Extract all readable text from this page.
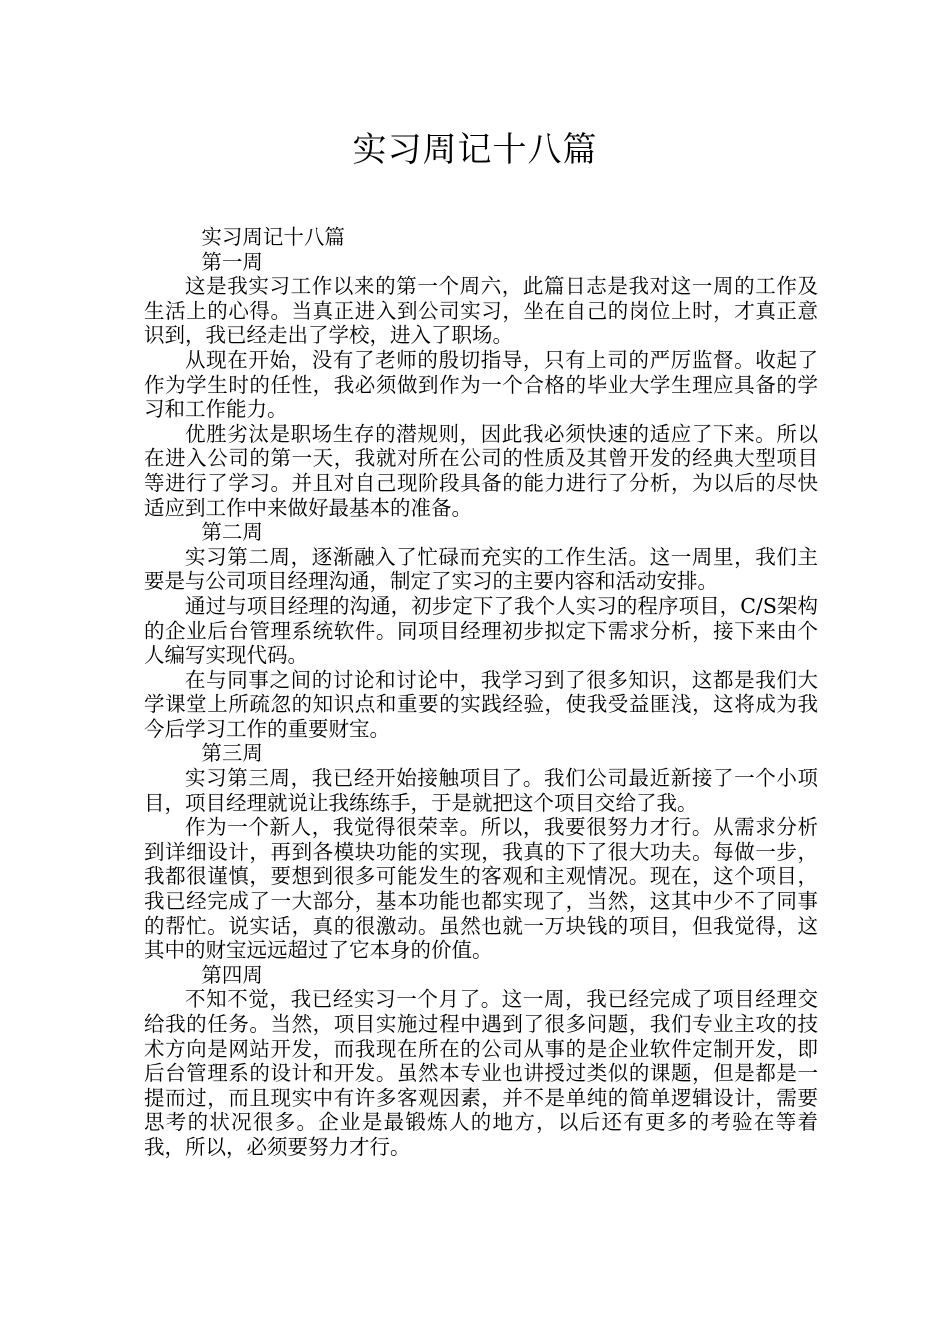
实习周记十八篇

实习周记十八篇

第一周

这是我实习工作以来的第一个周六，此篇日志是我对这一周的工作及生活上的心得。当真正进入到公司实习，坐在自己的岗位上时，才真正意识到，我已经走出了学校，进入了职场。

从现在开始，没有了老师的殷切指导，只有上司的严厉监督。收起了作为学生时的任性，我必须做到作为一个合格的毕业大学生理应具备的学习和工作能力。

优胜劣汰是职场生存的潜规则，因此我必须快速的适应了下来。所以在进入公司的第一天，我就对所在公司的性质及其曾开发的经典大型项目等进行了学习。并且对自己现阶段具备的能力进行了分析，为以后的尽快适应到工作中来做好最基本的准备。

第二周

实习第二周，逐渐融入了忙碌而充实的工作生活。这一周里，我们主要是与公司项目经理沟通，制定了实习的主要内容和活动安排。

通过与项目经理的沟通，初步定下了我个人实习的程序项目，C/S架构的企业后台管理系统软件。同项目经理初步拟定下需求分析，接下来由个人编写实现代码。

在与同事之间的讨论和讨论中，我学习到了很多知识，这都是我们大学课堂上所疏忽的知识点和重要的实践经验，使我受益匪浅，这将成为我今后学习工作的重要财宝。

第三周

实习第三周，我已经开始接触项目了。我们公司最近新接了一个小项目，项目经理就说让我练练手，于是就把这个项目交给了我。

作为一个新人，我觉得很荣幸。所以，我要很努力才行。从需求分析到详细设计，再到各模块功能的实现，我真的下了很大功夫。每做一步，我都很谨慎，要想到很多可能发生的客观和主观情况。现在，这个项目，我已经完成了一大部分，基本功能也都实现了，当然，这其中少不了同事的帮忙。说实话，真的很激动。虽然也就一万块钱的项目，但我觉得，这其中的财宝远远超过了它本身的价值。

第四周

不知不觉，我已经实习一个月了。这一周，我已经完成了项目经理交给我的任务。当然，项目实施过程中遇到了很多问题，我们专业主攻的技术方向是网站开发，而我现在所在的公司从事的是企业软件定制开发，即后台管理系的设计和开发。虽然本专业也讲授过类似的课题，但是都是一提而过，而且现实中有许多客观因素，并不是单纯的简单逻辑设计，需要思考的状况很多。企业是最锻炼人的地方，以后还有更多的考验在等着我，所以，必须要努力才行。
